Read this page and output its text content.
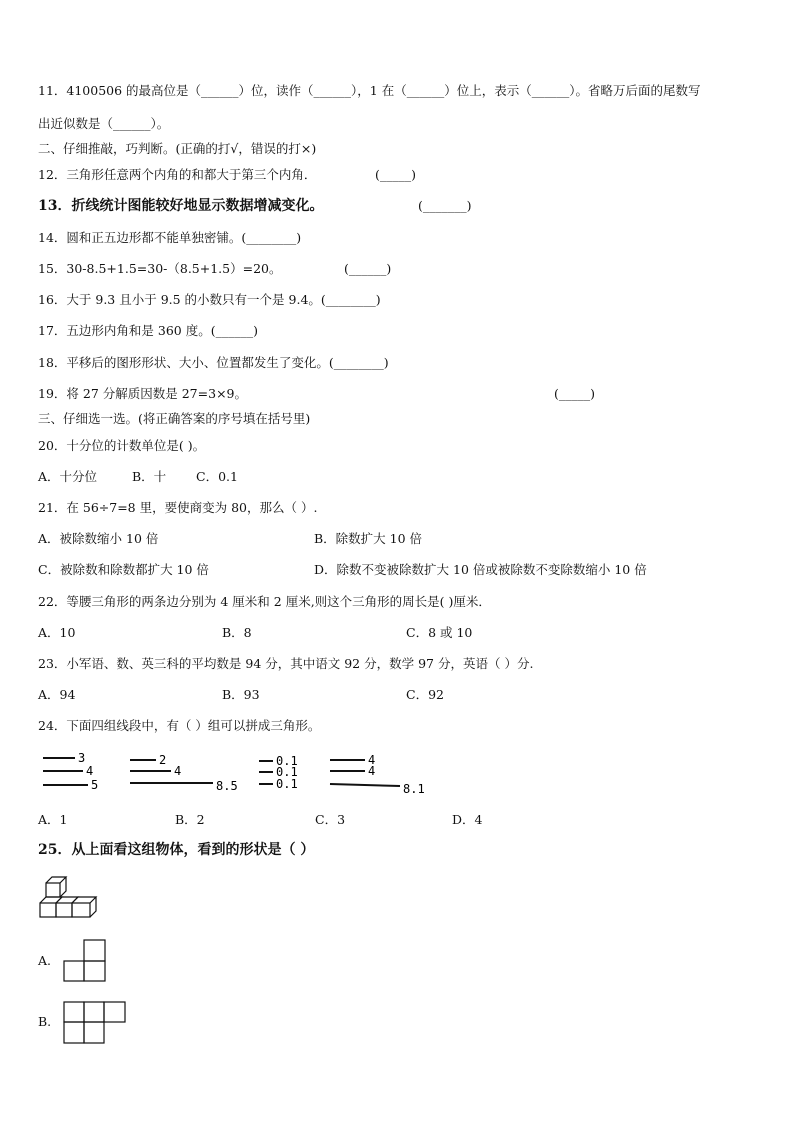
11．4100506 的最高位是（______）位，读作（______），1 在（______）位上，表示（______）。省略万后面的尾数写
出近似数是（______）。
二、仔细推敲，巧判断。(正确的打√，错误的打×)
12．三角形任意两个内角的和都大于第三个内角．	(_____)
13．折线统计图能较好地显示数据增减变化。	(_______)
14．圆和正五边形都不能单独密铺。(________)
15．30-8.5+1.5=30-（8.5+1.5）=20。	(______)
16．大于 9.3 且小于 9.5 的小数只有一个是 9.4。(________)
17．五边形内角和是 360 度。(______)
18．平移后的图形形状、大小、位置都发生了变化。(________)
19．将 27 分解质因数是 27=3×9。	(_____)
三、仔细选一选。(将正确答案的序号填在括号里)
20．十分位的计数单位是( )。
A．十分位	B．十 C．0.1
21．在 56÷7=8 里，要使商变为 80，那么（ ）.
A．被除数缩小 10 倍	B．除数扩大 10 倍
C．被除数和除数都扩大 10 倍	D．除数不变被除数扩大 10 倍或被除数不变除数缩小 10 倍
22．等腰三角形的两条边分别为 4 厘米和 2 厘米,则这个三角形的周长是( )厘米．
A．10	B．8	C．8 或 10
23．小军语、数、英三科的平均数是 94 分，其中语文 92 分，数学 97 分，英语（ ）分.
A．94	B．93	C．92
24．下面四组线段中，有（ ）组可以拼成三角形。
3
4
5
2
4
8.5
0.1
0.1
0.1
4
4
8.1
A．1	B．2	C．3	D．4
25．从上面看这组物体，看到的形状是（ ）
A.
B.
